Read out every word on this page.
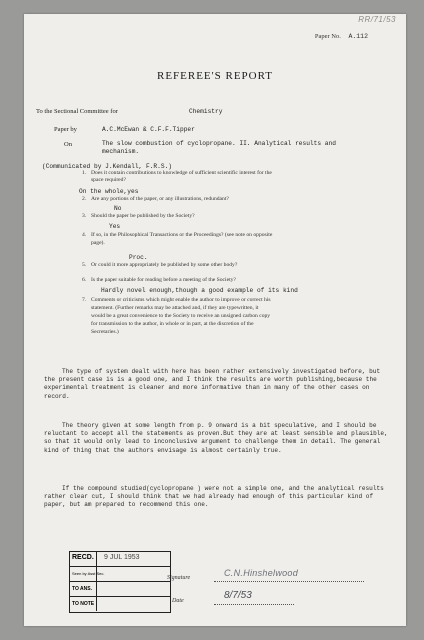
RR/71/53
Paper No. A.112
REFEREE'S REPORT
To the Sectional Committee for	Chemistry
Paper by	A.C.McEwan & C.F.F.Tipper
On	The slow combustion of cyclopropane. II. Analytical results and
mechanism.
(Communicated by J.Kendall, F.R.S.)
1. Does it contain contributions to knowledge of sufficient scientific interest for the
space required?
On the whole,yes
2. Are any portions of the paper, or any illustrations, redundant?
No
3. Should the paper be published by the Society?
Yes
4. If so, in the Philosophical Transactions or the Proceedings? (see note on opposite
page).
Proc.
5. Or could it more appropriately be published by some other body?
6. Is the paper suitable for reading before a meeting of the Society?
Hardly novel enough,though a good example of its kind
7. Comments or criticisms which might enable the author to improve or correct his
statement. (Further remarks may be attached and, if they are typewritten, it
would be a great convenience to the Society to receive an unsigned carbon copy
for transmission to the author, in whole or in part, at the discretion of the
Secretaries.)
The type of system dealt with here has been rather extensively investigated before, but the present case is is a good one, and I think the results are worth publishing,because the experimental treatment is cleaner and more informative than in many of the other cases on record.
The theory given at some length from p. 9 onward is a bit speculative, and I should be reluctant to accept all the statements as proven.But they are at least sensible and plausible, so that it would only lead to inconclusive argument to challenge them in detail. The general kind of thing that the authors envisage is almost certainly true.
If the compound studied(cyclopropane ) were not a simple one, and the analytical results rather clear cut, I should think that we had already had enough of this particular kind of paper, but am prepared to recommend this one.
RECD. 9 JUL 1953
Seen by Asst Sec.
TO ANS.
TO NOTE
Signature	C.N.Hinshelwood
Date	8/7/53
